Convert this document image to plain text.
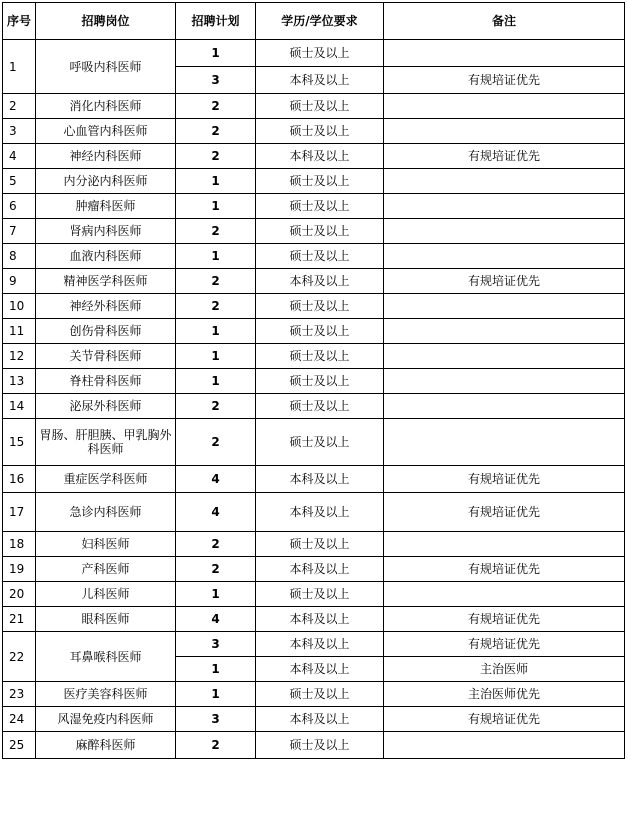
序号	招聘岗位	招聘计划	学历/学位要求	备注
1	呼吸内科医师	1	硕士及以上	
		3	本科及以上	有规培证优先
2	消化内科医师	2	硕士及以上	
3	心血管内科医师	2	硕士及以上	
4	神经内科医师	2	本科及以上	有规培证优先
5	内分泌内科医师	1	硕士及以上	
6	肿瘤科医师	1	硕士及以上	
7	肾病内科医师	2	硕士及以上	
8	血液内科医师	1	硕士及以上	
9	精神医学科医师	2	本科及以上	有规培证优先
10	神经外科医师	2	硕士及以上	
11	创伤骨科医师	1	硕士及以上	
12	关节骨科医师	1	硕士及以上	
13	脊柱骨科医师	1	硕士及以上	
14	泌尿外科医师	2	硕士及以上	
15	胃肠、肝胆胰、甲乳胸外科医师	2	硕士及以上	
16	重症医学科医师	4	本科及以上	有规培证优先
17	急诊内科医师	4	本科及以上	有规培证优先
18	妇科医师	2	硕士及以上	
19	产科医师	2	本科及以上	有规培证优先
20	儿科医师	1	硕士及以上	
21	眼科医师	4	本科及以上	有规培证优先
22	耳鼻喉科医师	3	本科及以上	有规培证优先
		1	本科及以上	主治医师
23	医疗美容科医师	1	硕士及以上	主治医师优先
24	风湿免疫内科医师	3	本科及以上	有规培证优先
25	麻醉科医师	2	硕士及以上	
